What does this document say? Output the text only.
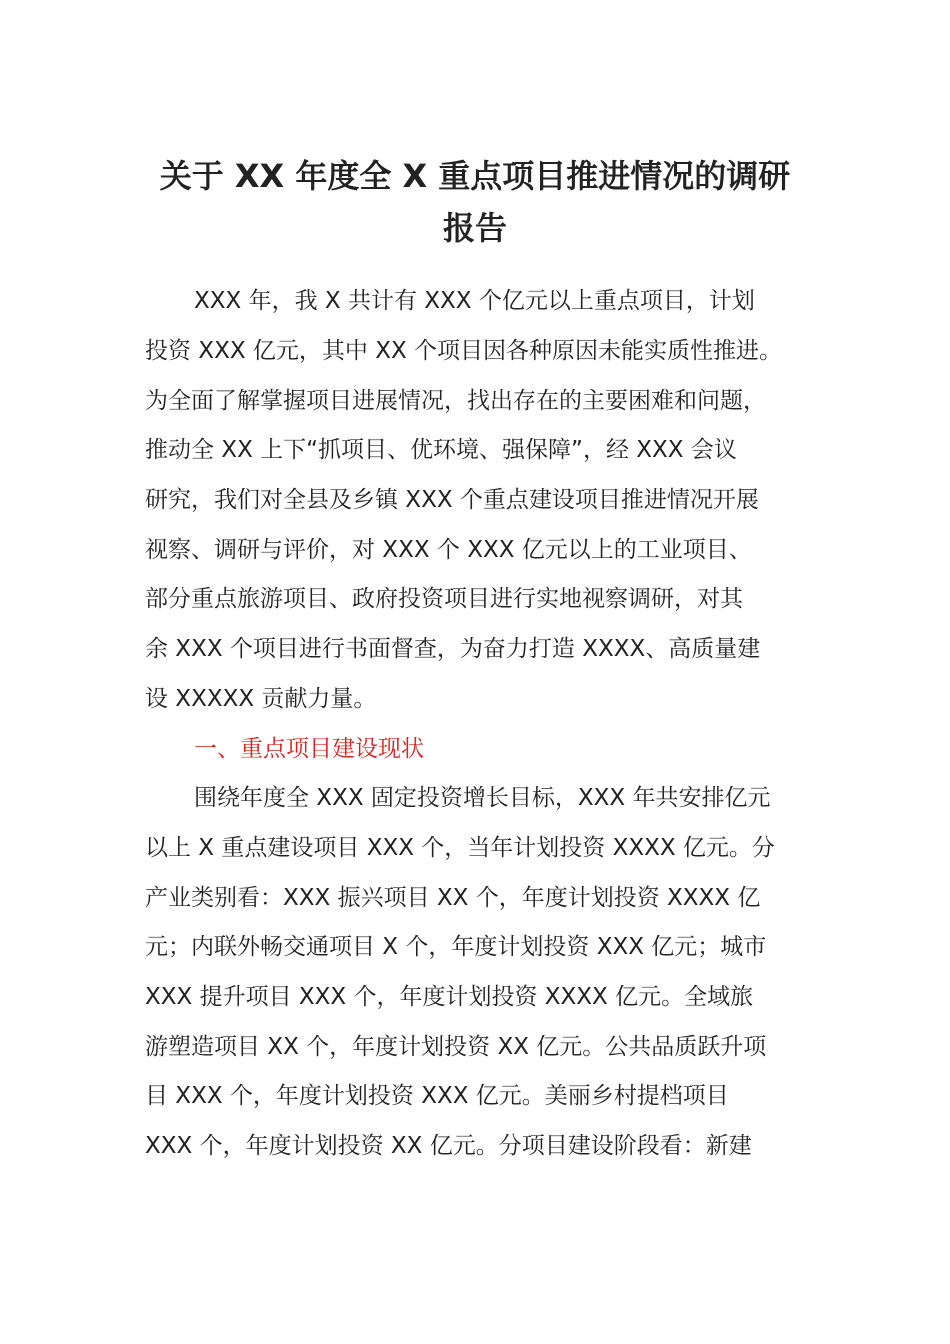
关于 XX 年度全 X 重点项目推进情况的调研
报告
XXX 年，我 X 共计有 XXX 个亿元以上重点项目，计划
投资 XXX 亿元，其中 XX 个项目因各种原因未能实质性推进。
为全面了解掌握项目进展情况，找出存在的主要困难和问题，
推动全 XX 上下“抓项目、优环境、强保障”，经 XXX 会议
研究，我们对全县及乡镇 XXX 个重点建设项目推进情况开展
视察、调研与评价，对 XXX 个 XXX 亿元以上的工业项目、
部分重点旅游项目、政府投资项目进行实地视察调研，对其
余 XXX 个项目进行书面督查，为奋力打造 XXXX、高质量建
设 XXXXX 贡献力量。
一、重点项目建设现状
围绕年度全 XXX 固定投资增长目标，XXX 年共安排亿元
以上 X 重点建设项目 XXX 个，当年计划投资 XXXX 亿元。分
产业类别看：XXX 振兴项目 XX 个，年度计划投资 XXXX 亿
元；内联外畅交通项目 X 个，年度计划投资 XXX 亿元；城市
XXX 提升项目 XXX 个，年度计划投资 XXXX 亿元。全域旅
游塑造项目 XX 个，年度计划投资 XX 亿元。公共品质跃升项
目 XXX 个，年度计划投资 XXX 亿元。美丽乡村提档项目
XXX 个，年度计划投资 XX 亿元。分项目建设阶段看：新建
